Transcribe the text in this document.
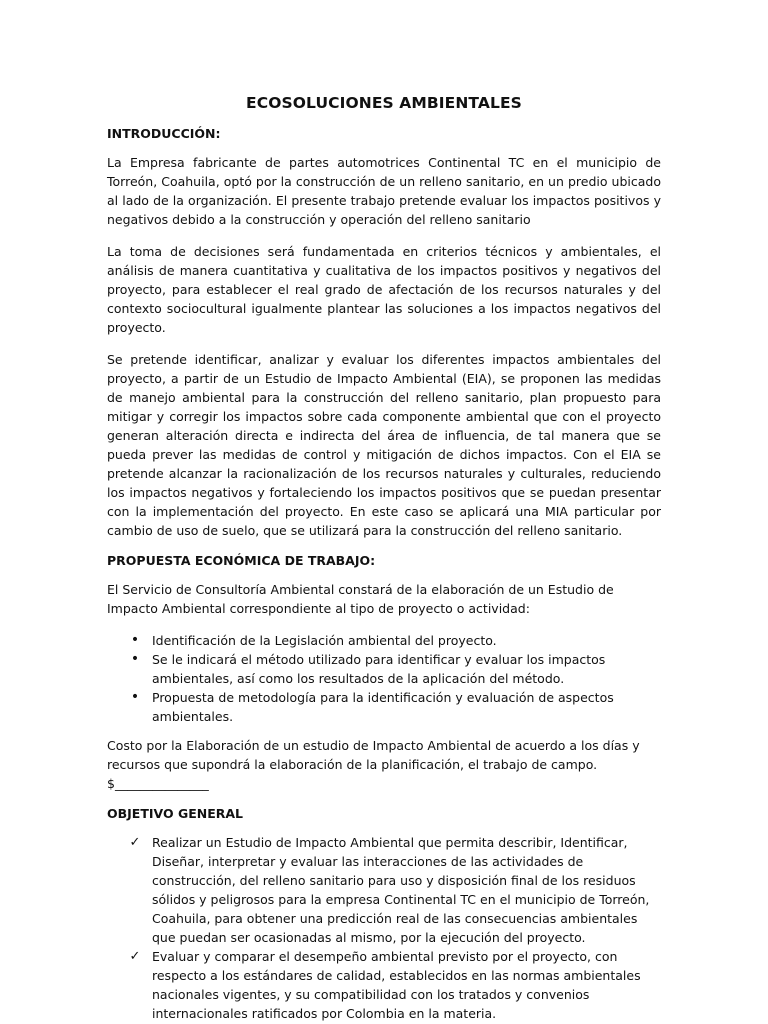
ECOSOLUCIONES AMBIENTALES
INTRODUCCIÓN:

La Empresa fabricante de partes automotrices Continental TC en el municipio de Torreón, Coahuila, optó por la construcción de un relleno sanitario, en un predio ubicado al lado de la organización. El presente trabajo pretende evaluar los impactos positivos y negativos debido a la construcción y operación del relleno sanitario

La toma de decisiones será fundamentada en criterios técnicos y ambientales, el análisis de manera cuantitativa y cualitativa de los impactos positivos y negativos del proyecto, para establecer el real grado de afectación de los recursos naturales y del contexto sociocultural igualmente plantear las soluciones a los impactos negativos del proyecto.

Se pretende identificar, analizar y evaluar los diferentes impactos ambientales del proyecto, a partir de un Estudio de Impacto Ambiental (EIA), se proponen las medidas de manejo ambiental para la construcción del relleno sanitario, plan propuesto para mitigar y corregir los impactos sobre cada componente ambiental que con el proyecto generan alteración directa e indirecta del área de influencia, de tal manera que se pueda prever las medidas de control y mitigación de dichos impactos. Con el EIA se pretende alcanzar la racionalización de los recursos naturales y culturales, reduciendo los impactos negativos y fortaleciendo los impactos positivos que se puedan presentar con la implementación del proyecto. En este caso se aplicará una MIA particular por cambio de uso de suelo, que se utilizará para la construcción del relleno sanitario.

PROPUESTA ECONÓMICA DE TRABAJO:

El Servicio de Consultoría Ambiental constará de la elaboración de un Estudio de Impacto Ambiental correspondiente al tipo de proyecto o actividad:

• Identificación de la Legislación ambiental del proyecto.
• Se le indicará el método utilizado para identificar y evaluar los impactos ambientales, así como los resultados de la aplicación del método.
• Propuesta de metodología para la identificación y evaluación de aspectos ambientales.

Costo por la Elaboración de un estudio de Impacto Ambiental de acuerdo a los días y recursos que supondrá la elaboración de la planificación, el trabajo de campo. $_______________

OBJETIVO GENERAL
✓ Realizar un Estudio de Impacto Ambiental que permita describir, Identificar, Diseñar, interpretar y evaluar las interacciones de las actividades de construcción, del relleno sanitario para uso y disposición final de los residuos sólidos y peligrosos para la empresa Continental TC en el municipio de Torreón, Coahuila, para obtener una predicción real de las consecuencias ambientales que puedan ser ocasionadas al mismo, por la ejecución del proyecto.
✓ Evaluar y comparar el desempeño ambiental previsto por el proyecto, con respecto a los estándares de calidad, establecidos en las normas ambientales nacionales vigentes, y su compatibilidad con los tratados y convenios internacionales ratificados por Colombia en la materia.
